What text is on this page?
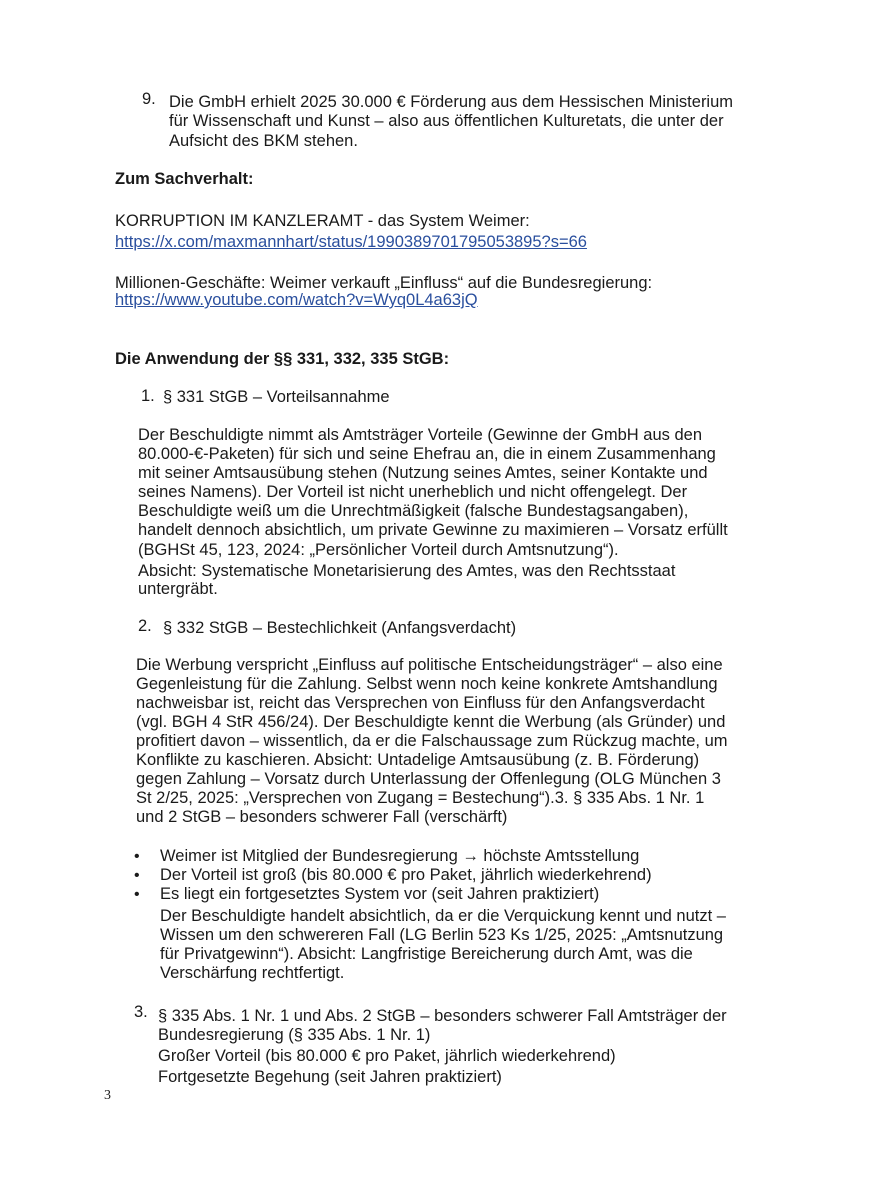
9. Die GmbH erhielt 2025 30.000 € Förderung aus dem Hessischen Ministerium
für Wissenschaft und Kunst – also aus öffentlichen Kulturetats, die unter der
Aufsicht des BKM stehen.
Zum Sachverhalt:
KORRUPTION IM KANZLERAMT - das System Weimer:
https://x.com/maxmannhart/status/1990389701795053895?s=66
Millionen-Geschäfte: Weimer verkauft „Einfluss“ auf die Bundesregierung:
https://www.youtube.com/watch?v=Wyq0L4a63jQ
Die Anwendung der §§ 331, 332, 335 StGB:
1. § 331 StGB – Vorteilsannahme
Der Beschuldigte nimmt als Amtsträger Vorteile (Gewinne der GmbH aus den
80.000-€-Paketen) für sich und seine Ehefrau an, die in einem Zusammenhang
mit seiner Amtsausübung stehen (Nutzung seines Amtes, seiner Kontakte und
seines Namens). Der Vorteil ist nicht unerheblich und nicht offengelegt. Der
Beschuldigte weiß um die Unrechtmäßigkeit (falsche Bundestagsangaben),
handelt dennoch absichtlich, um private Gewinne zu maximieren – Vorsatz erfüllt
(BGHSt 45, 123, 2024: „Persönlicher Vorteil durch Amtsnutzung“).
Absicht: Systematische Monetarisierung des Amtes, was den Rechtsstaat
untergräbt.
2. § 332 StGB – Bestechlichkeit (Anfangsverdacht)
Die Werbung verspricht „Einfluss auf politische Entscheidungsträger“ – also eine
Gegenleistung für die Zahlung. Selbst wenn noch keine konkrete Amtshandlung
nachweisbar ist, reicht das Versprechen von Einfluss für den Anfangsverdacht
(vgl. BGH 4 StR 456/24). Der Beschuldigte kennt die Werbung (als Gründer) und
profitiert davon – wissentlich, da er die Falschaussage zum Rückzug machte, um
Konflikte zu kaschieren. Absicht: Untadelige Amtsausübung (z. B. Förderung)
gegen Zahlung – Vorsatz durch Unterlassung der Offenlegung (OLG München 3
St 2/25, 2025: „Versprechen von Zugang = Bestechung“).3. § 335 Abs. 1 Nr. 1
und 2 StGB – besonders schwerer Fall (verschärft)
• Weimer ist Mitglied der Bundesregierung → höchste Amtsstellung
• Der Vorteil ist groß (bis 80.000 € pro Paket, jährlich wiederkehrend)
• Es liegt ein fortgesetztes System vor (seit Jahren praktiziert)
Der Beschuldigte handelt absichtlich, da er die Verquickung kennt und nutzt –
Wissen um den schwereren Fall (LG Berlin 523 Ks 1/25, 2025: „Amtsnutzung
für Privatgewinn“). Absicht: Langfristige Bereicherung durch Amt, was die
Verschärfung rechtfertigt.
3. § 335 Abs. 1 Nr. 1 und Abs. 2 StGB – besonders schwerer Fall Amtsträger der
Bundesregierung (§ 335 Abs. 1 Nr. 1)
Großer Vorteil (bis 80.000 € pro Paket, jährlich wiederkehrend)
Fortgesetzte Begehung (seit Jahren praktiziert)
3
